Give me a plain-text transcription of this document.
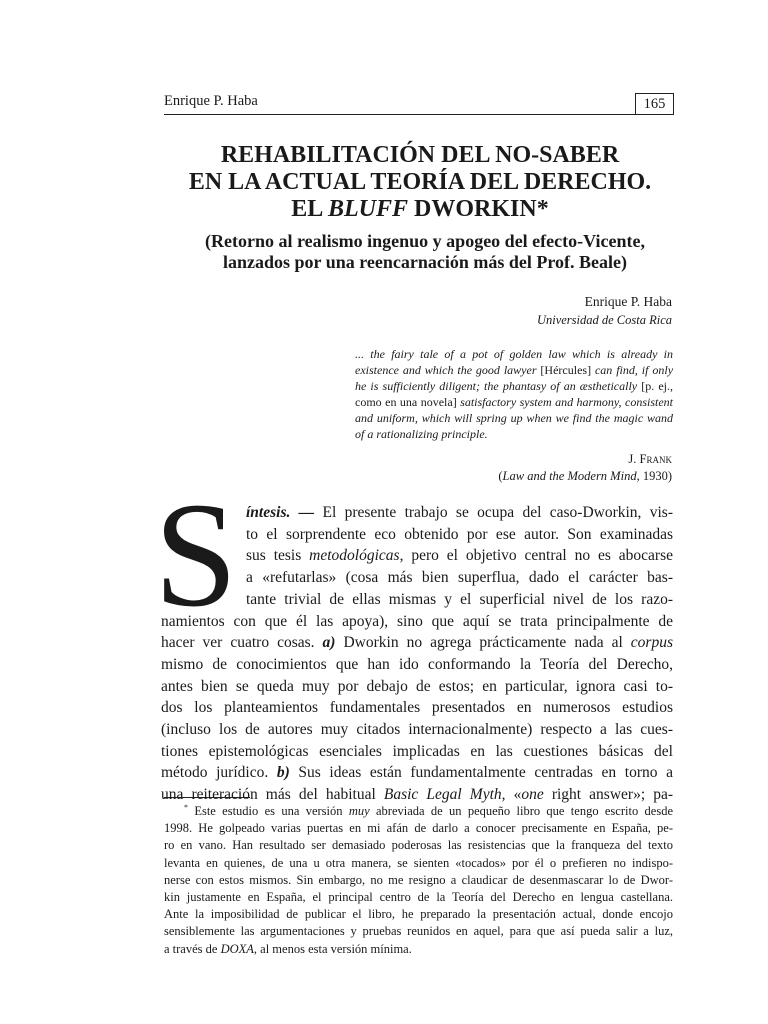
Enrique P. Haba	165
REHABILITACIÓN DEL NO-SABER
EN LA ACTUAL TEORÍA DEL DERECHO.
EL BLUFF DWORKIN*
(Retorno al realismo ingenuo y apogeo del efecto-Vicente,
lanzados por una reencarnación más del Prof. Beale)
Enrique P. Haba
Universidad de Costa Rica
... the fairy tale of a pot of golden law which is already in existence and which the good lawyer [Hércules] can find, if only he is sufficiently diligent; the phantasy of an æsthetically [p. ej., como en una novela] satisfactory system and harmony, consistent and uniform, which will spring up when we find the magic wand of a rationalizing principle.
J. Frank
(Law and the Modern Mind, 1930)
S íntesis. — El presente trabajo se ocupa del caso-Dworkin, vis-
to el sorprendente eco obtenido por ese autor. Son examinadas
sus tesis metodológicas, pero el objetivo central no es abocarse
a «refutarlas» (cosa más bien superflua, dado el carácter bas-
tante trivial de ellas mismas y el superficial nivel de los razo-
namientos con que él las apoya), sino que aquí se trata principalmente de
hacer ver cuatro cosas. a) Dworkin no agrega prácticamente nada al corpus
mismo de conocimientos que han ido conformando la Teoría del Derecho,
antes bien se queda muy por debajo de estos; en particular, ignora casi to-
dos los planteamientos fundamentales presentados en numerosos estudios
(incluso los de autores muy citados internacionalmente) respecto a las cues-
tiones epistemológicas esenciales implicadas en las cuestiones básicas del
método jurídico. b) Sus ideas están fundamentalmente centradas en torno a
una reiteración más del habitual Basic Legal Myth, «one right answer»; pa-
* Este estudio es una versión muy abreviada de un pequeño libro que tengo escrito desde
1998. He golpeado varias puertas en mi afán de darlo a conocer precisamente en España, pe-
ro en vano. Han resultado ser demasiado poderosas las resistencias que la franqueza del texto
levanta en quienes, de una u otra manera, se sienten «tocados» por él o prefieren no indispo-
nerse con estos mismos. Sin embargo, no me resigno a claudicar de desenmascarar lo de Dwor-
kin justamente en España, el principal centro de la Teoría del Derecho en lengua castellana.
Ante la imposibilidad de publicar el libro, he preparado la presentación actual, donde encojo
sensiblemente las argumentaciones y pruebas reunidos en aquel, para que así pueda salir a luz,
a través de DOXA, al menos esta versión mínima.
